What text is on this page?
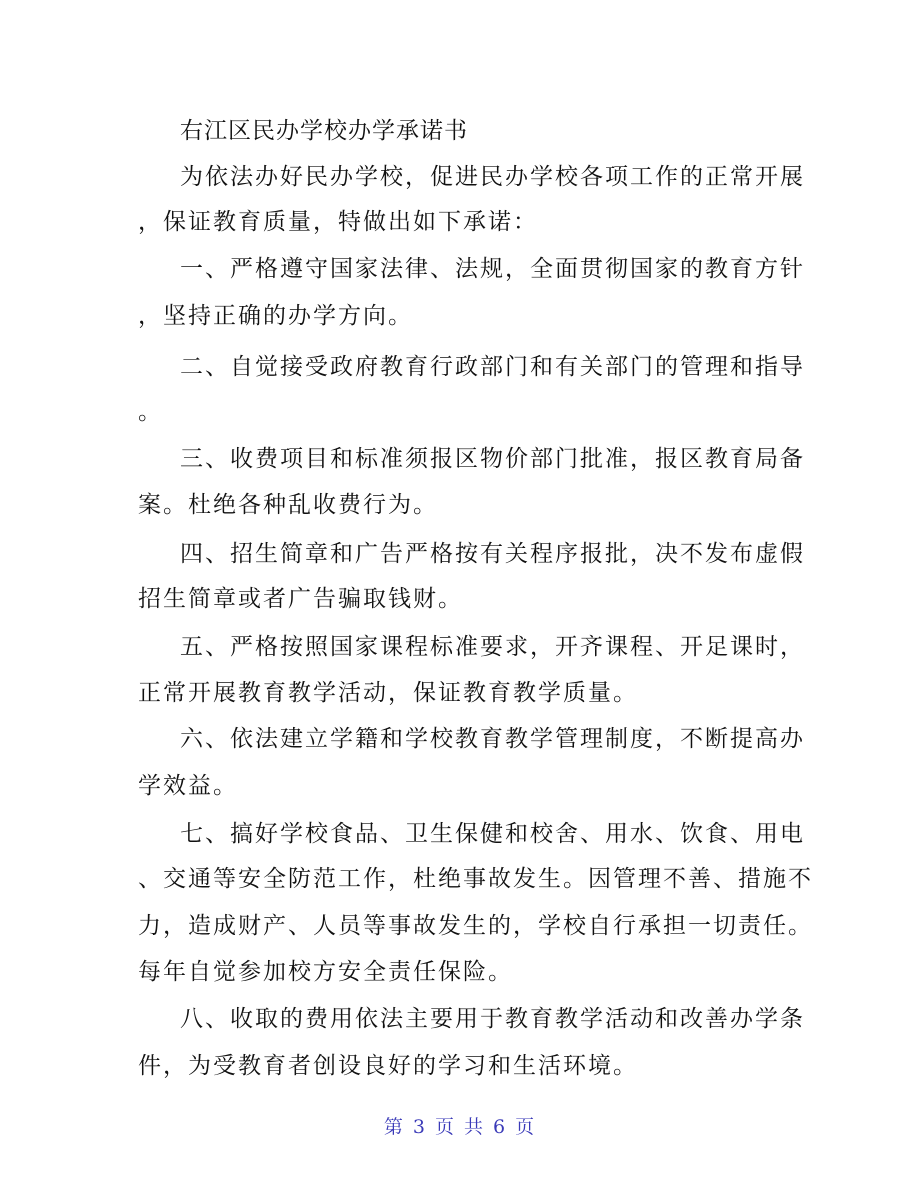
右江区民办学校办学承诺书
为依法办好民办学校，促进民办学校各项工作的正常开展
，保证教育质量，特做出如下承诺：
一、严格遵守国家法律、法规，全面贯彻国家的教育方针
，坚持正确的办学方向。
二、自觉接受政府教育行政部门和有关部门的管理和指导
。
三、收费项目和标准须报区物价部门批准，报区教育局备
案。杜绝各种乱收费行为。
四、招生简章和广告严格按有关程序报批，决不发布虚假
招生简章或者广告骗取钱财。
五、严格按照国家课程标准要求，开齐课程、开足课时，
正常开展教育教学活动，保证教育教学质量。
六、依法建立学籍和学校教育教学管理制度，不断提高办
学效益。
七、搞好学校食品、卫生保健和校舍、用水、饮食、用电
、交通等安全防范工作，杜绝事故发生。因管理不善、措施不
力，造成财产、人员等事故发生的，学校自行承担一切责任。
每年自觉参加校方安全责任保险。
八、收取的费用依法主要用于教育教学活动和改善办学条
件，为受教育者创设良好的学习和生活环境。
第 3 页 共 6 页
